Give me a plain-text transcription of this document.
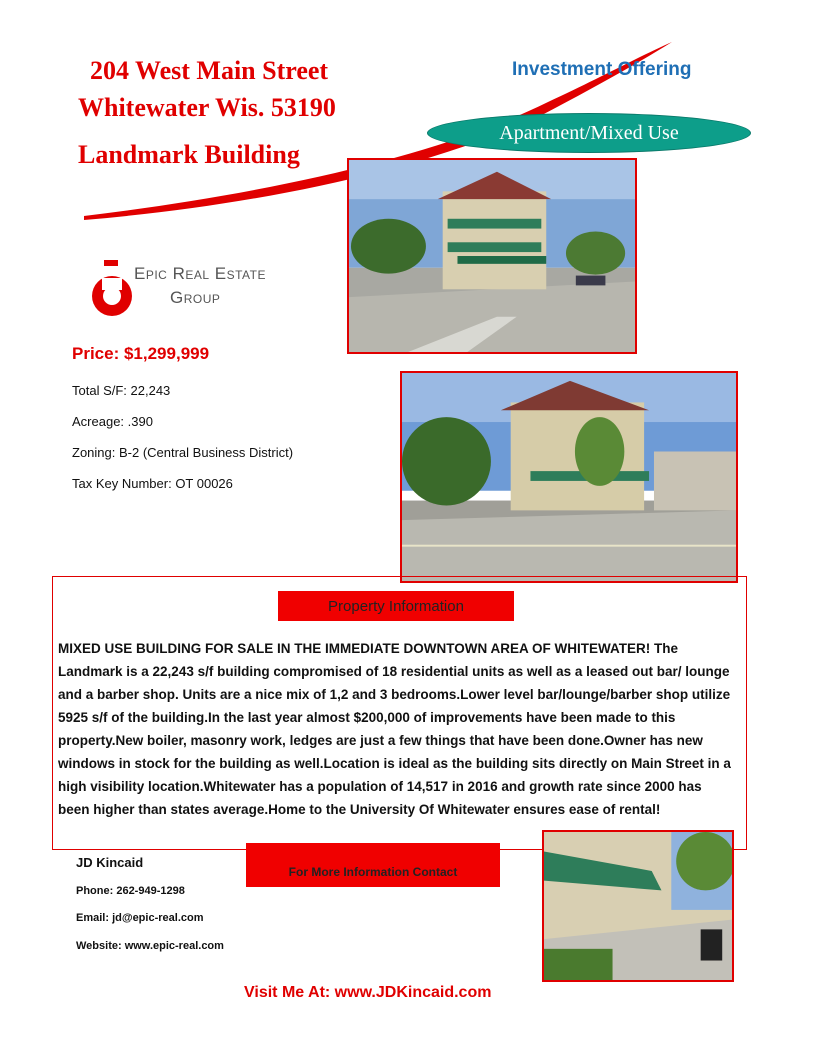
204 West Main Street
Whitewater Wis. 53190
Landmark Building
Investment Offering
Apartment/Mixed Use
Epic Real Estate
Group
Price: $1,299,999
Total S/F: 22,243
Acreage: .390
Zoning: B-2 (Central Business District)
Tax Key Number: OT 00026
Property Information
MIXED USE BUILDING FOR SALE IN THE IMMEDIATE DOWNTOWN AREA OF WHITEWATER! The Landmark is a 22,243 s/f building compromised of 18 residential units as well as a leased out bar/ lounge and a barber shop. Units are a nice mix of 1,2 and 3 bedrooms.Lower level bar/lounge/barber shop utilize 5925 s/f of the building.In the last year almost $200,000 of improvements have been made to this property.New boiler, masonry work, ledges are just a few things that have been done.Owner has new windows in stock for the building as well.Location is ideal as the building sits directly on Main Street in a high visibility location.Whitewater has a population of 14,517 in 2016 and growth rate since 2000 has been higher than states average.Home to the University Of Whitewater ensures ease of rental!
For More Information Contact
JD Kincaid
Phone: 262-949-1298
Email: jd@epic-real.com
Website: www.epic-real.com
Visit Me At: www.JDKincaid.com
